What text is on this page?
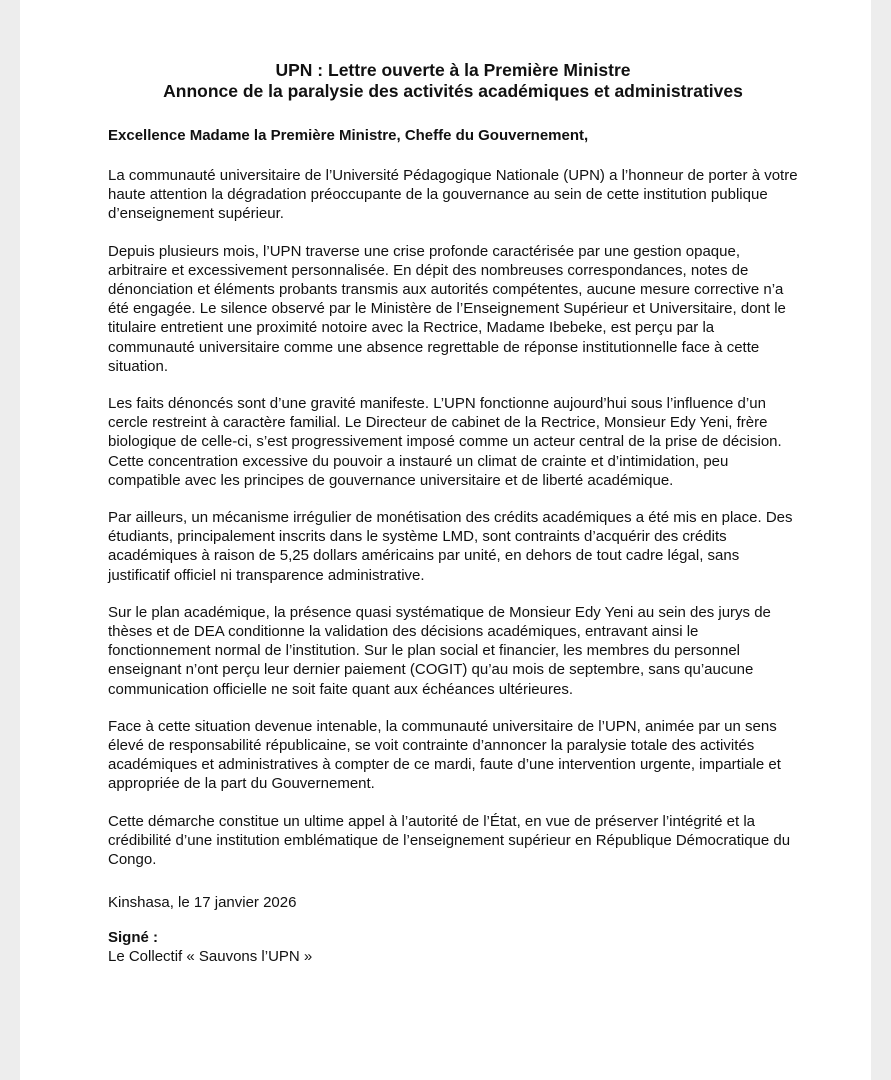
UPN : Lettre ouverte à la Première Ministre
Annonce de la paralysie des activités académiques et administratives

Excellence Madame la Première Ministre, Cheffe du Gouvernement,

La communauté universitaire de l’Université Pédagogique Nationale (UPN) a l’honneur de porter à votre haute attention la dégradation préoccupante de la gouvernance au sein de cette institution publique d’enseignement supérieur.

Depuis plusieurs mois, l’UPN traverse une crise profonde caractérisée par une gestion opaque, arbitraire et excessivement personnalisée. En dépit des nombreuses correspondances, notes de dénonciation et éléments probants transmis aux autorités compétentes, aucune mesure corrective n’a été engagée. Le silence observé par le Ministère de l’Enseignement Supérieur et Universitaire, dont le titulaire entretient une proximité notoire avec la Rectrice, Madame Ibebeke, est perçu par la communauté universitaire comme une absence regrettable de réponse institutionnelle face à cette situation.

Les faits dénoncés sont d’une gravité manifeste. L’UPN fonctionne aujourd’hui sous l’influence d’un cercle restreint à caractère familial. Le Directeur de cabinet de la Rectrice, Monsieur Edy Yeni, frère biologique de celle-ci, s’est progressivement imposé comme un acteur central de la prise de décision. Cette concentration excessive du pouvoir a instauré un climat de crainte et d’intimidation, peu compatible avec les principes de gouvernance universitaire et de liberté académique.

Par ailleurs, un mécanisme irrégulier de monétisation des crédits académiques a été mis en place. Des étudiants, principalement inscrits dans le système LMD, sont contraints d’acquérir des crédits académiques à raison de 5,25 dollars américains par unité, en dehors de tout cadre légal, sans justificatif officiel ni transparence administrative.

Sur le plan académique, la présence quasi systématique de Monsieur Edy Yeni au sein des jurys de thèses et de DEA conditionne la validation des décisions académiques, entravant ainsi le fonctionnement normal de l’institution. Sur le plan social et financier, les membres du personnel enseignant n’ont perçu leur dernier paiement (COGIT) qu’au mois de septembre, sans qu’aucune communication officielle ne soit faite quant aux échéances ultérieures.

Face à cette situation devenue intenable, la communauté universitaire de l’UPN, animée par un sens élevé de responsabilité républicaine, se voit contrainte d’annoncer la paralysie totale des activités académiques et administratives à compter de ce mardi, faute d’une intervention urgente, impartiale et appropriée de la part du Gouvernement.

Cette démarche constitue un ultime appel à l’autorité de l’État, en vue de préserver l’intégrité et la crédibilité d’une institution emblématique de l’enseignement supérieur en République Démocratique du Congo.

Kinshasa, le 17 janvier 2026

Signé :

Le Collectif « Sauvons l’UPN »
